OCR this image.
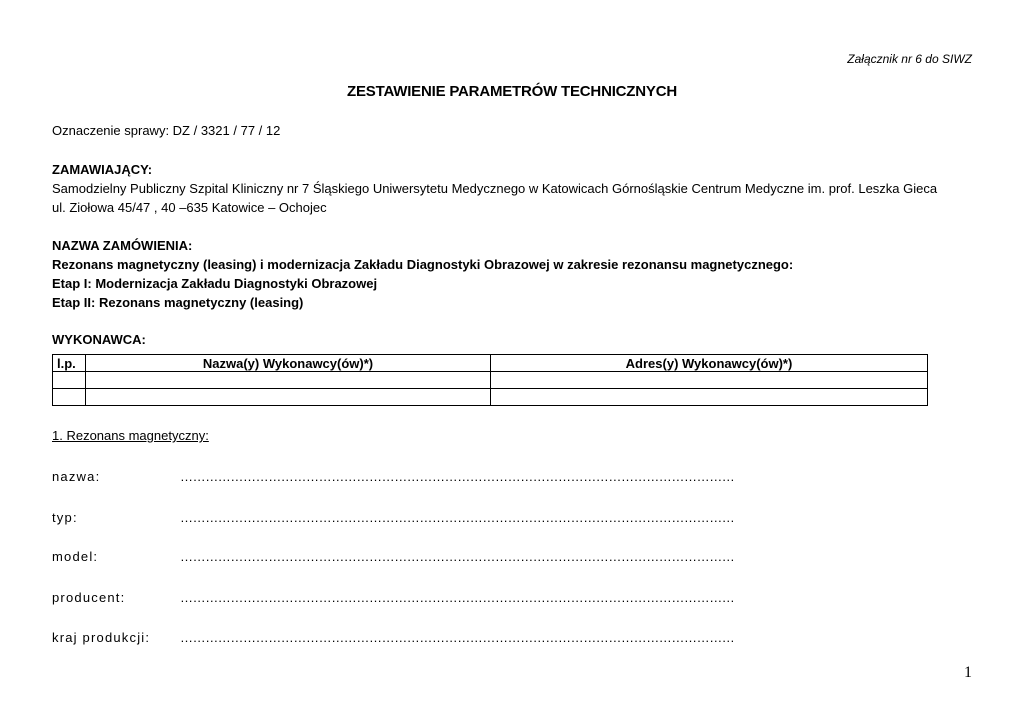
Załącznik nr 6 do SIWZ
ZESTAWIENIE PARAMETRÓW TECHNICZNYCH
Oznaczenie sprawy: DZ / 3321 / 77 / 12
ZAMAWIAJĄCY:
Samodzielny Publiczny Szpital Kliniczny nr 7 Śląskiego Uniwersytetu Medycznego w Katowicach Górnośląskie Centrum Medyczne im. prof. Leszka Gieca
ul. Ziołowa 45/47 , 40 –635 Katowice – Ochojec
NAZWA ZAMÓWIENIA:
Rezonans magnetyczny (leasing) i modernizacja Zakładu Diagnostyki Obrazowej w zakresie rezonansu magnetycznego:
Etap I: Modernizacja Zakładu Diagnostyki Obrazowej
Etap II: Rezonans magnetyczny (leasing)
WYKONAWCA:
l.p.	Nazwa(y) Wykonawcy(ów)*)	Adres(y) Wykonawcy(ów)*)

1. Rezonans magnetyczny:
nazwa:	……………………………………………………………………………………………………………………
typ:	……………………………………………………………………………………………………………………
model:	……………………………………………………………………………………………………………………
producent:	……………………………………………………………………………………………………………………
kraj produkcji: ……………………………………………………………………………………………………………………
1
